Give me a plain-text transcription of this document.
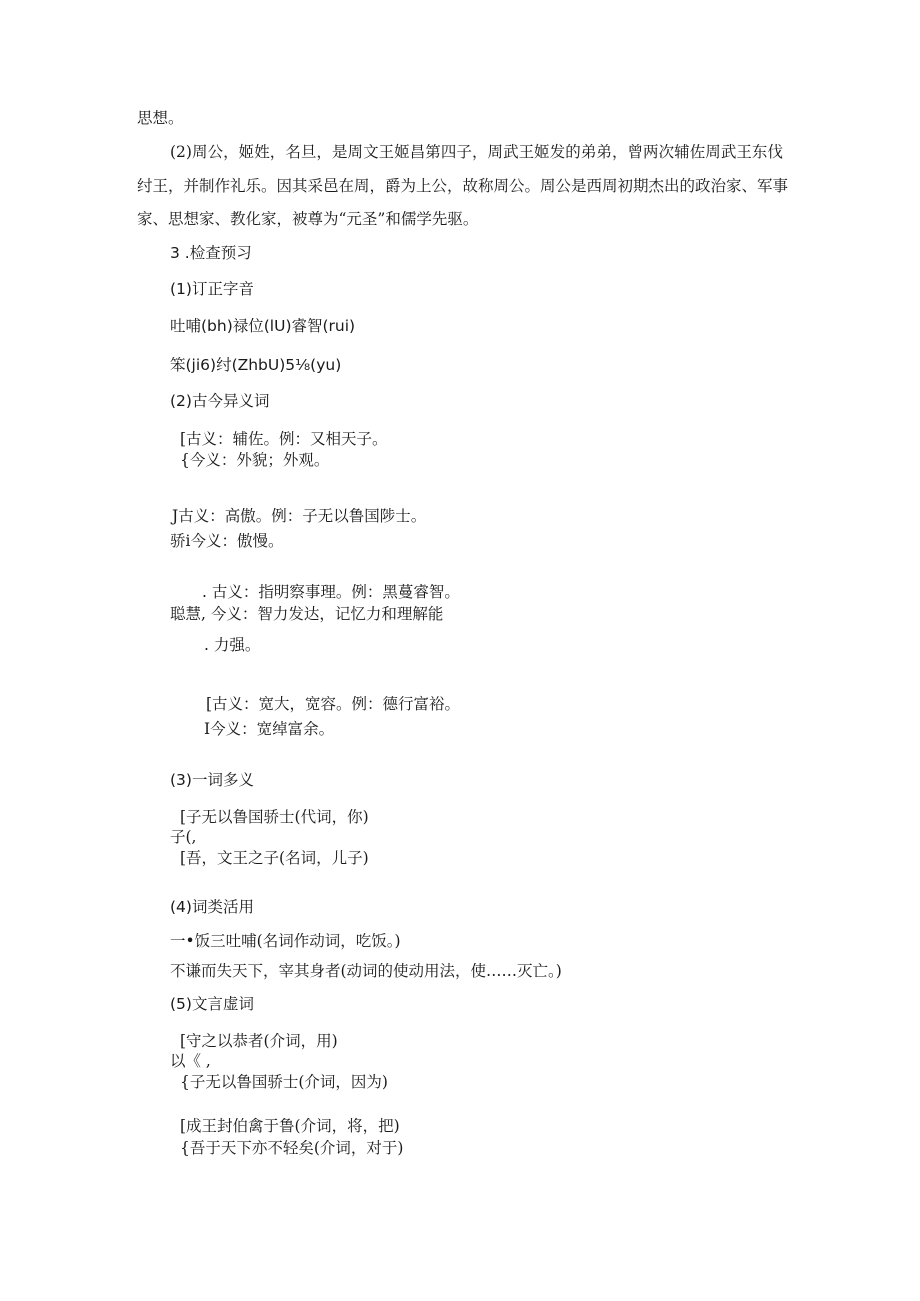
思想。
(2)周公，姬姓，名旦，是周文王姬昌第四子，周武王姬发的弟弟，曾两次辅佐周武王东伐
纣王，并制作礼乐。因其采邑在周，爵为上公，故称周公。周公是西周初期杰出的政治家、军事
家、思想家、教化家，被尊为“元圣”和儒学先驱。
3 .检查预习
(1)订正字音
吐哺(bh)禄位(lU)睿智(rui)
笨(ji6)纣(ZhbU)5⅛(yu)
(2)古今异义词
[古义：辅佐。例：又相天子。
{今义：外貌；外观。
J古义：高傲。例：子无以鲁国陟士。
骄i今义：傲慢。
. 古义：指明察事理。例：黑蔓睿智。
聪慧, 今义：智力发达，记忆力和理解能
. 力强。
[古义：宽大，宽容。例：德行富裕。
I今义：宽绰富余。
(3)一词多义
[子无以鲁国骄士(代词，你)
子(,
[吾，文王之子(名词，儿子)
(4)词类活用
一•饭三吐哺(名词作动词，吃饭。)
不谦而失天下，宰其身者(动词的使动用法，使……灭亡。)
(5)文言虚词
[守之以恭者(介词，用)
以《 ,
{子无以鲁国骄士(介词，因为)
[成王封伯禽于鲁(介词，将，把)
{吾于天下亦不轻矣(介词，对于)
